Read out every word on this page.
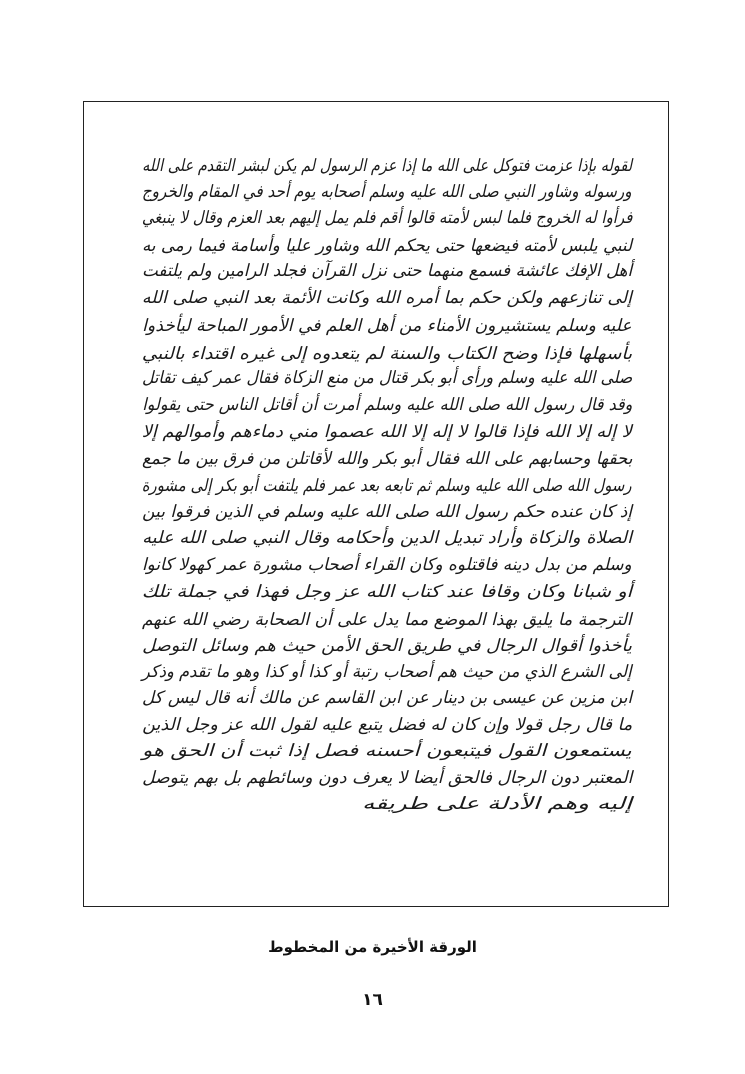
لقوله بإذا عزمت فتوكل على الله ما إذا عزم الرسول لم يكن لبشر التقدم على الله
ورسوله وشاور النبي صلى الله عليه وسلم أصحابه يوم أحد في المقام والخروج
فرأوا له الخروج فلما لبس لأمته قالوا أقم فلم يمل إليهم بعد العزم وقال لا ينبغي
لنبي يلبس لأمته فيضعها حتى يحكم الله وشاور عليا وأسامة فيما رمى به
أهل الإفك عائشة فسمع منهما حتى نزل القرآن فجلد الرامين ولم يلتفت
إلى تنازعهم ولكن حكم بما أمره الله وكانت الأئمة بعد النبي صلى الله
عليه وسلم يستشيرون الأمناء من أهل العلم في الأمور المباحة ليأخذوا
بأسهلها فإذا وضح الكتاب والسنة لم يتعدوه إلى غيره اقتداء بالنبي
صلى الله عليه وسلم ورأى أبو بكر قتال من منع الزكاة فقال عمر كيف تقاتل
وقد قال رسول الله صلى الله عليه وسلم أمرت أن أقاتل الناس حتى يقولوا
لا إله إلا الله فإذا قالوا لا إله إلا الله عصموا مني دماءهم وأموالهم إلا
بحقها وحسابهم على الله فقال أبو بكر والله لأقاتلن من فرق بين ما جمع
رسول الله صلى الله عليه وسلم ثم تابعه بعد عمر فلم يلتفت أبو بكر إلى مشورة
إذ كان عنده حكم رسول الله صلى الله عليه وسلم في الذين فرقوا بين
الصلاة والزكاة وأراد تبديل الدين وأحكامه وقال النبي صلى الله عليه
وسلم من بدل دينه فاقتلوه وكان القراء أصحاب مشورة عمر كهولا كانوا
أو شبانا وكان وقافا عند كتاب الله عز وجل فهذا في جملة تلك
الترجمة ما يليق بهذا الموضع مما يدل على أن الصحابة رضي الله عنهم
يأخذوا أقوال الرجال في طريق الحق الأمن حيث هم وسائل التوصل
إلى الشرع الذي من حيث هم أصحاب رتبة أو كذا أو كذا وهو ما تقدم وذكر
ابن مزين عن عيسى بن دينار عن ابن القاسم عن مالك أنه قال ليس كل
ما قال رجل قولا وإن كان له فضل يتبع عليه لقول الله عز وجل الذين
يستمعون القول فيتبعون أحسنه فصل إذا ثبت أن الحق هو
المعتبر دون الرجال فالحق أيضا لا يعرف دون وسائطهم بل بهم يتوصل
إليه وهم الأدلة على طريقه
الورقة الأخيرة من المخطوط
١٦
